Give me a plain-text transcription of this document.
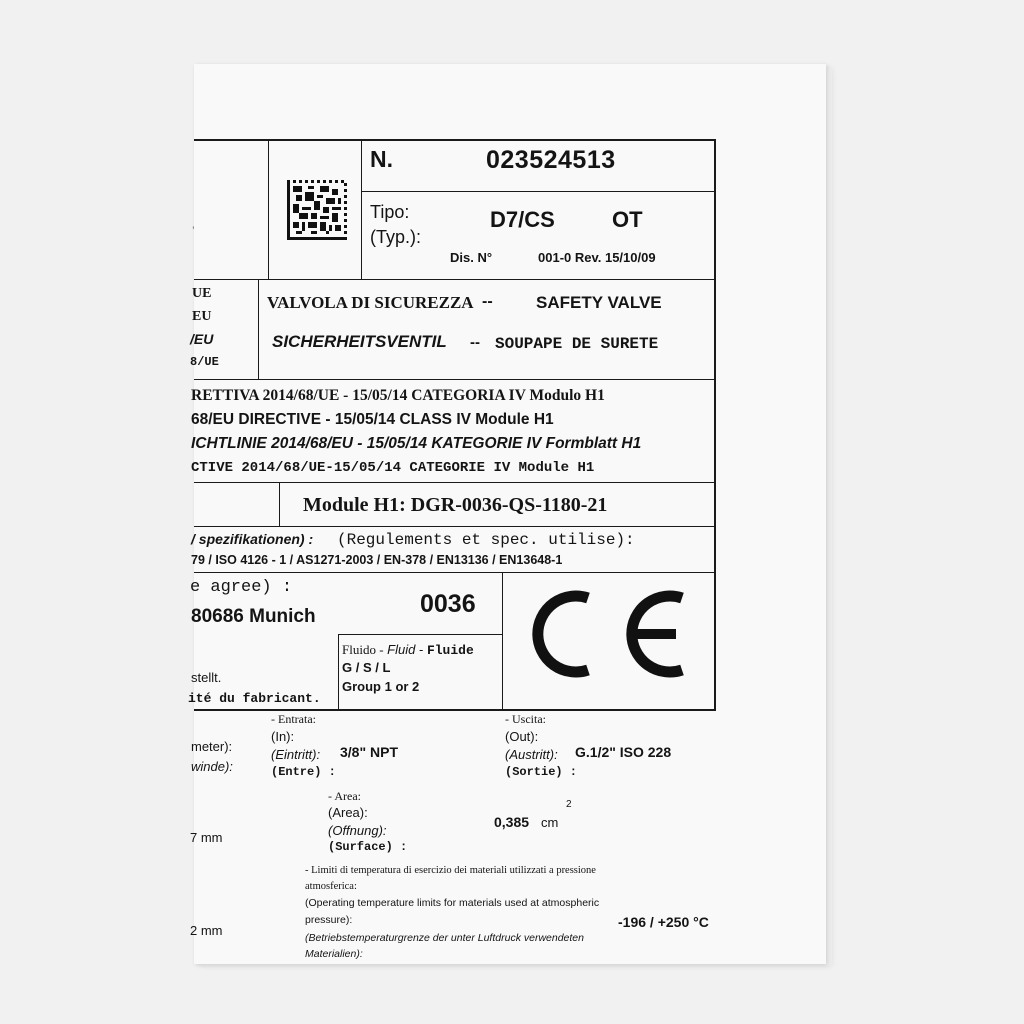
’
N.	023524513
Tipo:
(Typ.):
D7/CS	OT
Dis. N°	001-0 Rev. 15/10/09
UE
EU
/EU
8/UE
VALVOLA DI SICUREZZA --	SAFETY VALVE
SICHERHEITSVENTIL -- SOUPAPE DE SURETE
RETTIVA 2014/68/UE - 15/05/14 CATEGORIA IV Modulo H1
68/EU DIRECTIVE - 15/05/14 CLASS IV Module H1
ICHTLINIE 2014/68/EU - 15/05/14 KATEGORIE IV Formblatt H1
CTIVE 2014/68/UE-15/05/14 CATEGORIE IV Module H1
Module H1: DGR-0036-QS-1180-21
/ spezifikationen) : (Regulements et spec. utilise):
79 / ISO 4126 - 1 / AS1271-2003 / EN-378 / EN13136 / EN13648-1
e agree) :
80686 Munich	0036
stellt.
ité du fabricant.
Fluido - Fluid - Fluide
G / S / L
Group 1 or 2
meter):
winde):
- Entrata:
(In):
(Eintritt):
(Entre) :
3/8" NPT
- Uscita:
(Out):
(Austritt):
(Sortie) :
G.1/2" ISO 228
- Area:
(Area):
(Offnung):
(Surface) :
0,385 cm
2
7 mm
- Limiti di temperatura di esercizio dei materiali utilizzati a pressione
atmosferica:
(Operating temperature limits for materials used at atmospheric
pressure):
(Betriebstemperaturgrenze der unter Luftdruck verwendeten
Materialien):
-196 / +250 °C
2 mm
